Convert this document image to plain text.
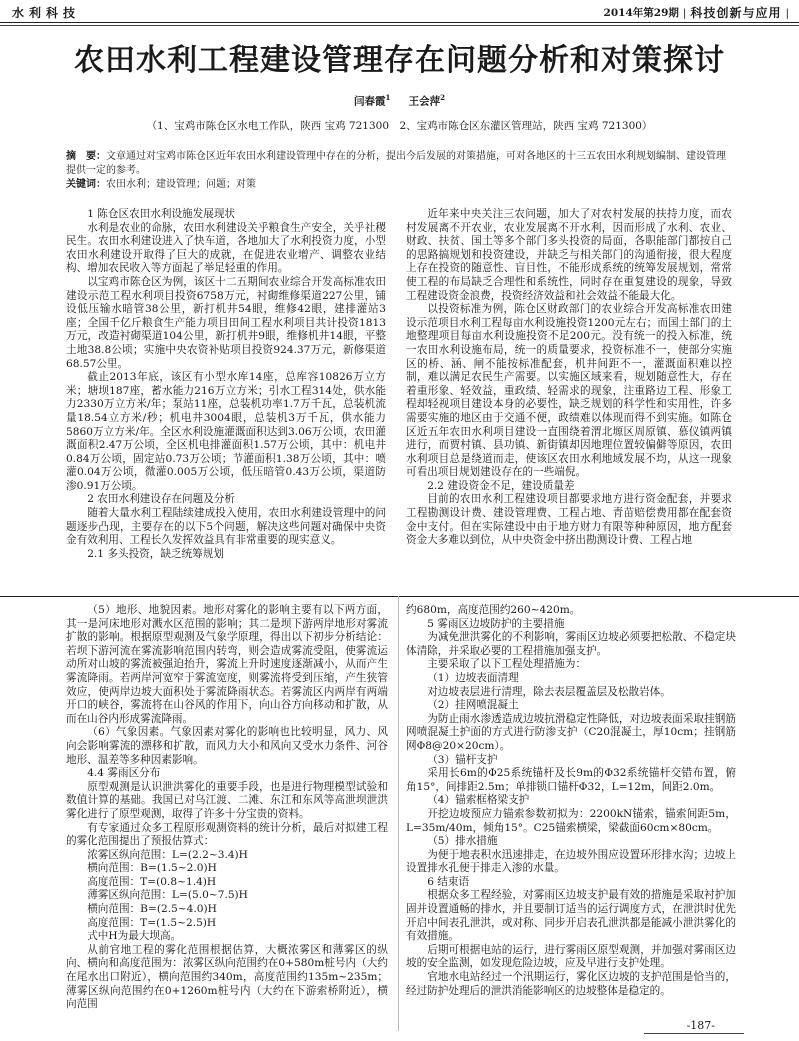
水利科技	2014年第29期 | 科技创新与应用 |
农田水利工程建设管理存在问题分析和对策探讨
闫春霞$^1$ 王会萍$^2$
（1、宝鸡市陈仓区水电工作队，陕西 宝鸡 721300　2、宝鸡市陈仓区东灌区管理站，陕西 宝鸡 721300）
摘　要：文章通过对宝鸡市陈仓区近年农田水利建设管理中存在的分析，提出今后发展的对策措施，可对各地区的十三五农田水利规划编制、建设管理提供一定的参考。
关键词：农田水利；建设管理；问题；对策

1 陈仓区农田水利设施发展现状

水利是农业的命脉，农田水利建设关乎粮食生产安全，关乎社稷民生。农田水利建设进入了快车道，各地加大了水利投资力度，小型农田水利建设开取得了巨大的成就，在促进农业增产、调整农业结构、增加农民收入等方面起了举足轻重的作用。

以宝鸡市陈仓区为例，该区十二五期间农业综合开发高标准农田建设示范工程水利项目投资6758万元，衬砌维修渠道227公里，铺设低压输水暗管38公里，新打机井54眼，维修42眼，建排灌站3座；全国千亿斤粮食生产能力项目田间工程水利项目共计投资1813万元，改造衬砌渠道104公里，新打机井9眼，维修机井14眼，平整土地38.8公顷；实施中央农资补贴项目投资924.37万元，新修渠道68.57公里。

截止2013年底，该区有小型水库14座，总库容10826万立方米；塘坝187座，蓄水能力216万立方米；引水工程314处，供水能力2330万立方米/年；泵站11座，总装机功率1.7万千瓦，总装机流量18.54立方米/秒；机电井3004眼，总装机3万千瓦，供水能力5860万立方米/年。全区水利设施灌溉面积达到3.06万公顷，农田灌溉面积2.47万公顷，全区机电排灌面积1.57万公顷，其中：机电井0.84万公顷，固定站0.73万公顷；节灌面积1.38万公顷，其中：喷灌0.04万公顷，微灌0.005万公顷，低压暗管0.43万公顷，渠道防渗0.91万公顷。

2 农田水利建设存在问题及分析

随着大量水利工程陆续建成投入使用，农田水利建设管理中的问题逐步凸现，主要存在的以下5个问题，解决这些问题对确保中央资金有效利用、工程长久发挥效益具有非常重要的现实意义。

2.1 多头投资，缺乏统筹规划

近年来中央关注三农问题，加大了对农村发展的扶持力度，而农村发展离不开农业，农业发展离不开水利，因而形成了水利、农业、财政、扶贫、国土等多个部门多头投资的局面，各职能部门都按自己的思路搞规划和投资建设，并缺乏与相关部门的沟通衔接，很大程度上存在投资的随意性、盲目性，不能形成系统的统筹发展规划，常常使工程的布局缺乏合理性和系统性，同时存在重复建设的现象，导致工程建设资金浪费，投资经济效益和社会效益不能最大化。

以投资标准为例，陈仓区财政部门的农业综合开发高标准农田建设示范项目水利工程每亩水利设施投资1200元左右；而国土部门的土地整理项目每亩水利设施投资不足200元。没有统一的投入标准，统一农田水利设施布局，统一的质量要求，投资标准不一，使部分实施区的桥、涵、闸不能按标准配套，机井间距不一，灌溉面积难以控制，难以满足农民生产需要。以实施区域来看，规划随意性大，存在着重形象、轻效益，重政绩、轻需求的现象，注重路边工程、形象工程却轻视项目建设本身的必要性，缺乏规划的科学性和实用性，许多需要实施的地区由于交通不便，政绩难以体现而得不到实施。如陈仓区近五年农田水利项目建设一直围绕着渭北塬区周原镇、慕仪镇两镇进行，而贾村镇、县功镇、新街镇却因地理位置较偏僻等原因，农田水利项目总是绕道而走，使该区农田水利地域发展不均，从这一现象可看出项目规划建设存在的一些端倪。

2.2 建设资金不足，建设质量差

目前的农田水利工程建设项目都要求地方进行资金配套，并要求工程勘测设计费、建设管理费、工程占地、青苗赔偿费用都在配套资金中支付。但在实际建设中由于地方财力有限等种种原因，地方配套资金大多难以到位，从中央资金中挤出勘测设计费、工程占地

（5）地形、地貌因素。地形对雾化的影响主要有以下两方面，其一是河床地形对溅水区范围的影响；其二是坝下游两岸地形对雾流扩散的影响。根据原型观测及气象学原理，得出以下初步分析结论：若坝下游河流在雾流影响范围内转弯，则会造成雾流受阻，使雾流运动所对山坡的雾流被强迫抬升，雾流上升时速度逐渐减小，从而产生雾流降雨。若两岸河宽窄于雾流宽度，则雾流将受到压缩，产生狭管效应，使两岸边坡大面积处于雾流降雨状态。若雾流区内两岸有两端开口的峡谷，雾流将在山谷风的作用下，向山谷方向移动和扩散，从而在山谷内形成雾流降雨。

（6）气象因素。气象因素对雾化的影响也比较明显，风力、风向会影响雾流的漂移和扩散，而风力大小和风向又受水力条件、河谷地形、温差等多种因素影响。

4.4 雾雨区分布

原型观测是认识泄洪雾化的重要手段，也是进行物理模型试验和数值计算的基础。我国已对乌江渡、二滩、东江和东风等高泄坝泄洪雾化进行了原型观测，取得了许多十分宝贵的资料。

有专家通过众多工程原形观测资料的统计分析，最后对拟建工程的雾化范围提出了预报估算式：

浓雾区纵向范围：L=(2.2~3.4)H

横向范围：B=(1.5~2.0)H

高度范围：T=(0.8~1.4)H

薄雾区纵向范围：L=(5.0~7.5)H

横向范围：B=(2.5~4.0)H

高度范围：T=(1.5~2.5)H

式中H为最大坝高。

从前官地工程的雾化范围根据估算，大概浓雾区和薄雾区的纵向、横向和高度范围为：浓雾区纵向范围约在0+580m桩号内（大约在尾水出口附近），横向范围约340m，高度范围约135m~235m；薄雾区纵向范围约在0+1260m桩号内（大约在下游索桥附近），横向范围

约680m，高度范围约260~420m。

5 雾雨区边坡防护的主要措施

为减免泄洪雾化的不利影响，雾雨区边坡必须要把松散、不稳定块体清除，并采取必要的工程措施加强支护。

主要采取了以下工程处理措施为：

（1）边坡表面清理

对边坡表层进行清理，除去表层覆盖层及松散岩体。

（2）挂网喷混凝土

为防止雨水渗透造成边坡抗滑稳定性降低，对边坡表面采取挂钢筋网喷混凝土护面的方式进行防渗支护（C20混凝土，厚10cm；挂钢筋网Φ8@20×20cm）。

（3）锚杆支护

采用长6m的Φ25系统锚杆及长9m的Φ32系统锚杆交错布置，俯角15°，间排距2.5m；单排锁口锚杆Φ32，L=12m，间距2.0m。

（4）锚索框格梁支护

开挖边坡预应力锚索参数初拟为：2200kN锚索，锚索间距5m，L=35m/40m，倾角15°。C25锚索横梁，梁截面60cm×80cm。

（5）排水措施

为便于地表积水迅速排走，在边坡外围应设置环形排水沟；边坡上设置排水孔便于排走入渗的水量。

6 结束语

根据众多工程经验，对雾雨区边坡支护最有效的措施是采取衬护加固并设置通畅的排水，并且要制订适当的运行调度方式，在泄洪时优先开启中间表孔泄洪，或对称、同步开启表孔泄洪都是能减小泄洪雾化的有效措施。

后期可根据电站的运行，进行雾雨区原型观测，并加强对雾雨区边坡的安全监测，如发现危险边坡，应及早进行支护处理。

官地水电站经过一个汛期运行，雾化区边坡的支护范围是恰当的，经过防护处理后的泄洪消能影响区的边坡整体是稳定的。

-187-
